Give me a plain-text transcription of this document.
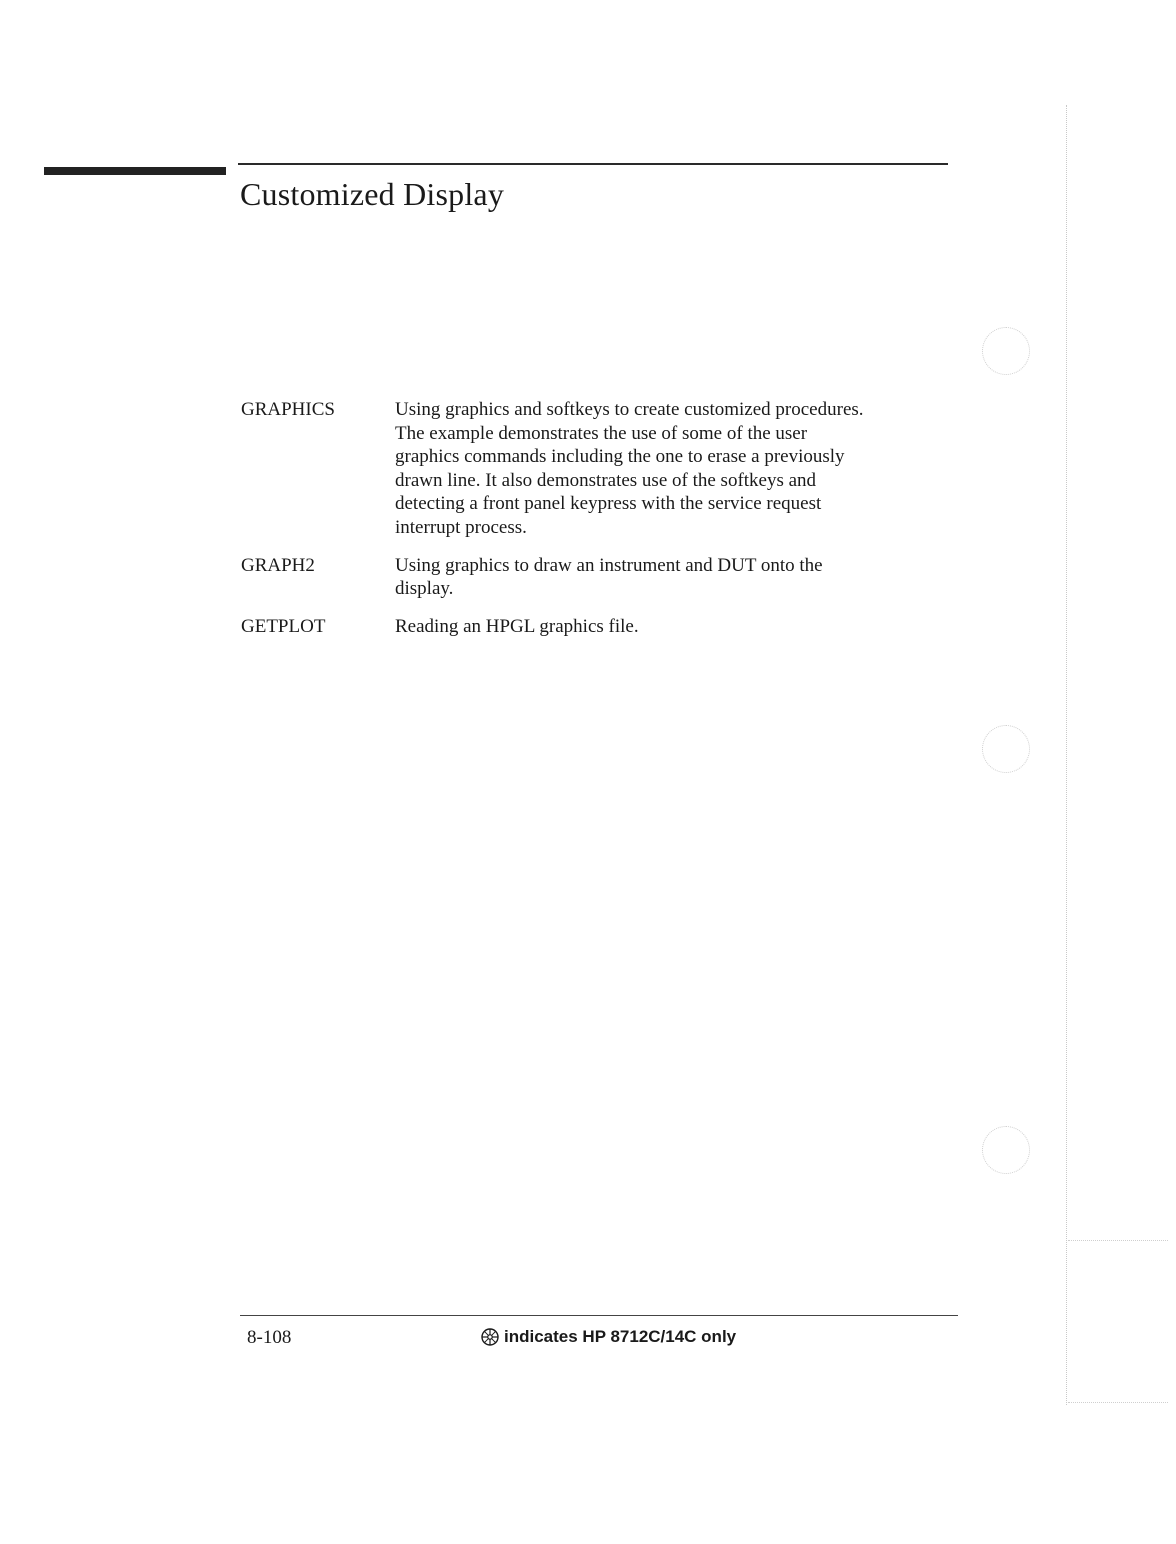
Customized Display
GRAPHICS	Using graphics and softkeys to create customized procedures.
The example demonstrates the use of some of the user
graphics commands including the one to erase a previously
drawn line. It also demonstrates use of the softkeys and
detecting a front panel keypress with the service request
interrupt process.
GRAPH2	Using graphics to draw an instrument and DUT onto the
display.
GETPLOT	Reading an HPGL graphics file.
8-108	indicates HP 8712C/14C only
